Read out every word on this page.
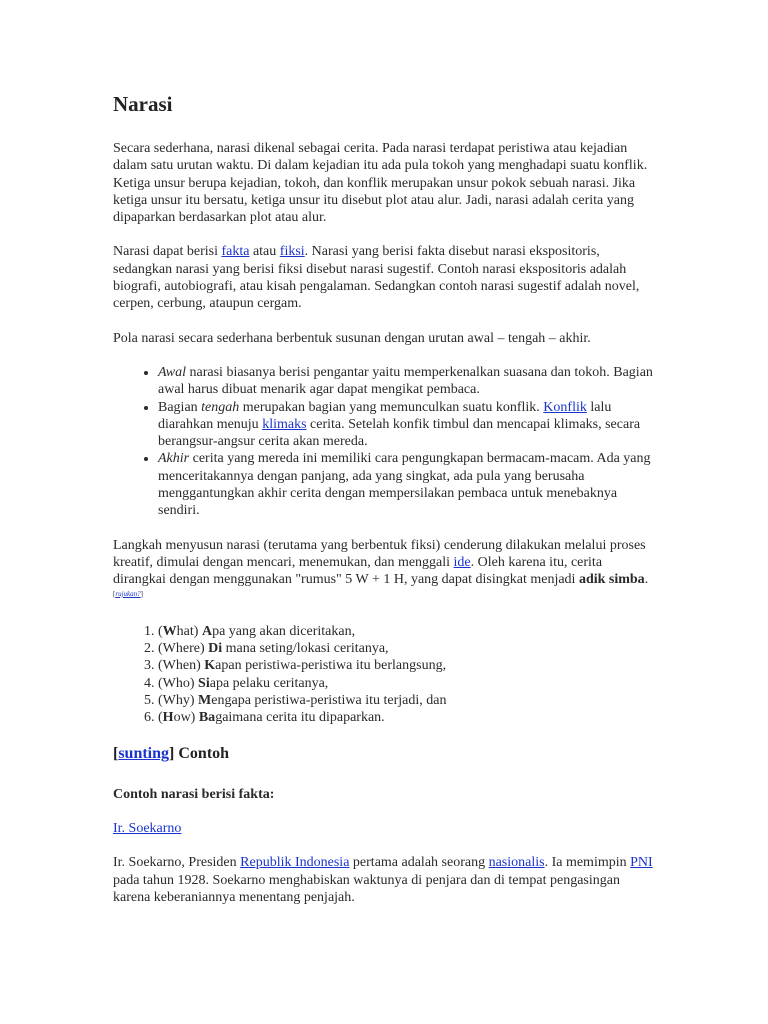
Narasi

Secara sederhana, narasi dikenal sebagai cerita. Pada narasi terdapat peristiwa atau kejadian dalam satu urutan waktu. Di dalam kejadian itu ada pula tokoh yang menghadapi suatu konflik. Ketiga unsur berupa kejadian, tokoh, dan konflik merupakan unsur pokok sebuah narasi. Jika ketiga unsur itu bersatu, ketiga unsur itu disebut plot atau alur. Jadi, narasi adalah cerita yang dipaparkan berdasarkan plot atau alur.

Narasi dapat berisi fakta atau fiksi. Narasi yang berisi fakta disebut narasi ekspositoris, sedangkan narasi yang berisi fiksi disebut narasi sugestif. Contoh narasi ekspositoris adalah biografi, autobiografi, atau kisah pengalaman. Sedangkan contoh narasi sugestif adalah novel, cerpen, cerbung, ataupun cergam.

Pola narasi secara sederhana berbentuk susunan dengan urutan awal – tengah – akhir.

• Awal narasi biasanya berisi pengantar yaitu memperkenalkan suasana dan tokoh. Bagian awal harus dibuat menarik agar dapat mengikat pembaca.
• Bagian tengah merupakan bagian yang memunculkan suatu konflik. Konflik lalu diarahkan menuju klimaks cerita. Setelah konfik timbul dan mencapai klimaks, secara berangsur-angsur cerita akan mereda.
• Akhir cerita yang mereda ini memiliki cara pengungkapan bermacam-macam. Ada yang menceritakannya dengan panjang, ada yang singkat, ada pula yang berusaha menggantungkan akhir cerita dengan mempersilakan pembaca untuk menebaknya sendiri.

Langkah menyusun narasi (terutama yang berbentuk fiksi) cenderung dilakukan melalui proses kreatif, dimulai dengan mencari, menemukan, dan menggali ide. Oleh karena itu, cerita dirangkai dengan menggunakan "rumus" 5 W + 1 H, yang dapat disingkat menjadi adik simba.[rujukan?]

1. (What) Apa yang akan diceritakan,
2. (Where) Di mana seting/lokasi ceritanya,
3. (When) Kapan peristiwa-peristiwa itu berlangsung,
4. (Who) Siapa pelaku ceritanya,
5. (Why) Mengapa peristiwa-peristiwa itu terjadi, dan
6. (How) Bagaimana cerita itu dipaparkan.
[sunting] Contoh

Contoh narasi berisi fakta:

Ir. Soekarno

Ir. Soekarno, Presiden Republik Indonesia pertama adalah seorang nasionalis. Ia memimpin PNI pada tahun 1928. Soekarno menghabiskan waktunya di penjara dan di tempat pengasingan karena keberaniannya menentang penjajah.
